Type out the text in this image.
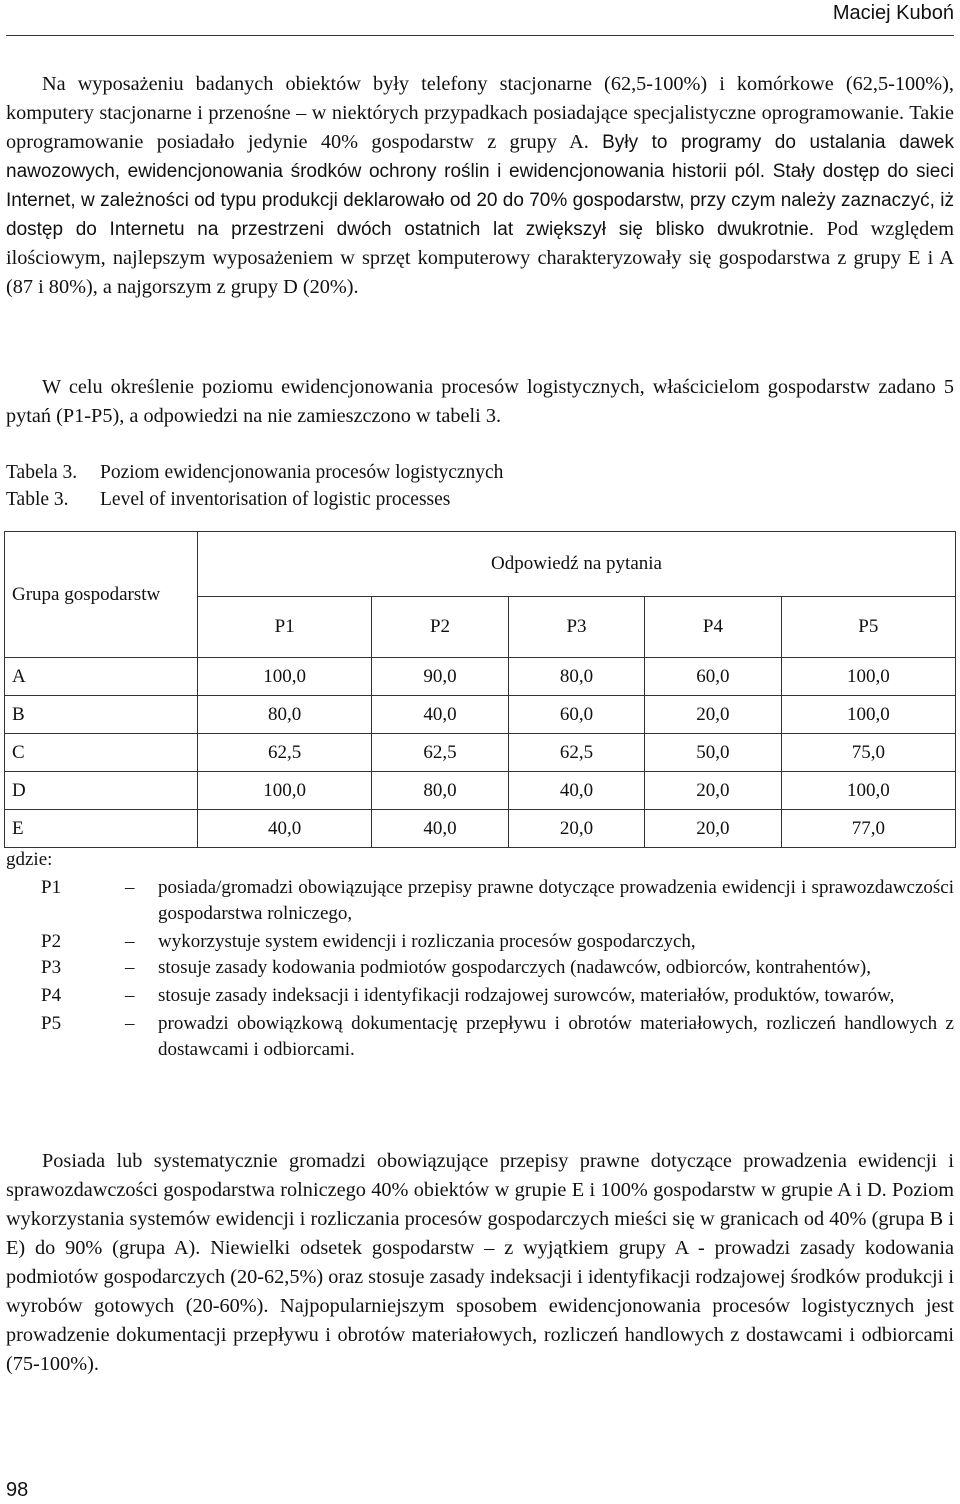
Maciej Kuboń

Na wyposażeniu badanych obiektów były telefony stacjonarne (62,5-100%) i komórkowe (62,5-100%), komputery stacjonarne i przenośne – w niektórych przypadkach posiadające specjalistyczne oprogramowanie. Takie oprogramowanie posiadało jedynie 40% gospodarstw z grupy A. Były to programy do ustalania dawek nawozowych, ewidencjonowania środków ochrony roślin i ewidencjonowania historii pól. Stały dostęp do sieci Internet, w zależności od typu produkcji deklarowało od 20 do 70% gospodarstw, przy czym należy zaznaczyć, iż dostęp do Internetu na przestrzeni dwóch ostatnich lat zwiększył się blisko dwukrotnie. Pod względem ilościowym, najlepszym wyposażeniem w sprzęt komputerowy charakteryzowały się gospodarstwa z grupy E i A (87 i 80%), a najgorszym z grupy D (20%).

W celu określenie poziomu ewidencjonowania procesów logistycznych, właścicielom gospodarstw zadano 5 pytań (P1-P5), a odpowiedzi na nie zamieszczono w tabeli 3.

Tabela 3. Poziom ewidencjonowania procesów logistycznych
Table 3. Level of inventorisation of logistic processes
Grupa gospodarstw	Odpowiedź na pytania				
	P1	P2	P3	P4	P5
A	100,0	90,0	80,0	60,0	100,0
B	80,0	40,0	60,0	20,0	100,0
C	62,5	62,5	62,5	50,0	75,0
D	100,0	80,0	40,0	20,0	100,0
E	40,0	40,0	20,0	20,0	77,0
gdzie:
P1	– posiada/gromadzi obowiązujące przepisy prawne dotyczące prowadzenia ewidencji i sprawozdawczości gospodarstwa rolniczego,
P2	– wykorzystuje system ewidencji i rozliczania procesów gospodarczych,
P3	– stosuje zasady kodowania podmiotów gospodarczych (nadawców, odbiorców, kontrahentów),
P4	– stosuje zasady indeksacji i identyfikacji rodzajowej surowców, materiałów, produktów, towarów,
P5	– prowadzi obowiązkową dokumentację przepływu i obrotów materiałowych, rozliczeń handlowych z dostawcami i odbiorcami.

Posiada lub systematycznie gromadzi obowiązujące przepisy prawne dotyczące prowadzenia ewidencji i sprawozdawczości gospodarstwa rolniczego 40% obiektów w grupie E i 100% gospodarstw w grupie A i D. Poziom wykorzystania systemów ewidencji i rozliczania procesów gospodarczych mieści się w granicach od 40% (grupa B i E) do 90% (grupa A). Niewielki odsetek gospodarstw – z wyjątkiem grupy A - prowadzi zasady kodowania podmiotów gospodarczych (20-62,5%) oraz stosuje zasady indeksacji i identyfikacji rodzajowej środków produkcji i wyrobów gotowych (20-60%). Najpopularniejszym sposobem ewidencjonowania procesów logistycznych jest prowadzenie dokumentacji przepływu i obrotów materiałowych, rozliczeń handlowych z dostawcami i odbiorcami (75-100%).

98
